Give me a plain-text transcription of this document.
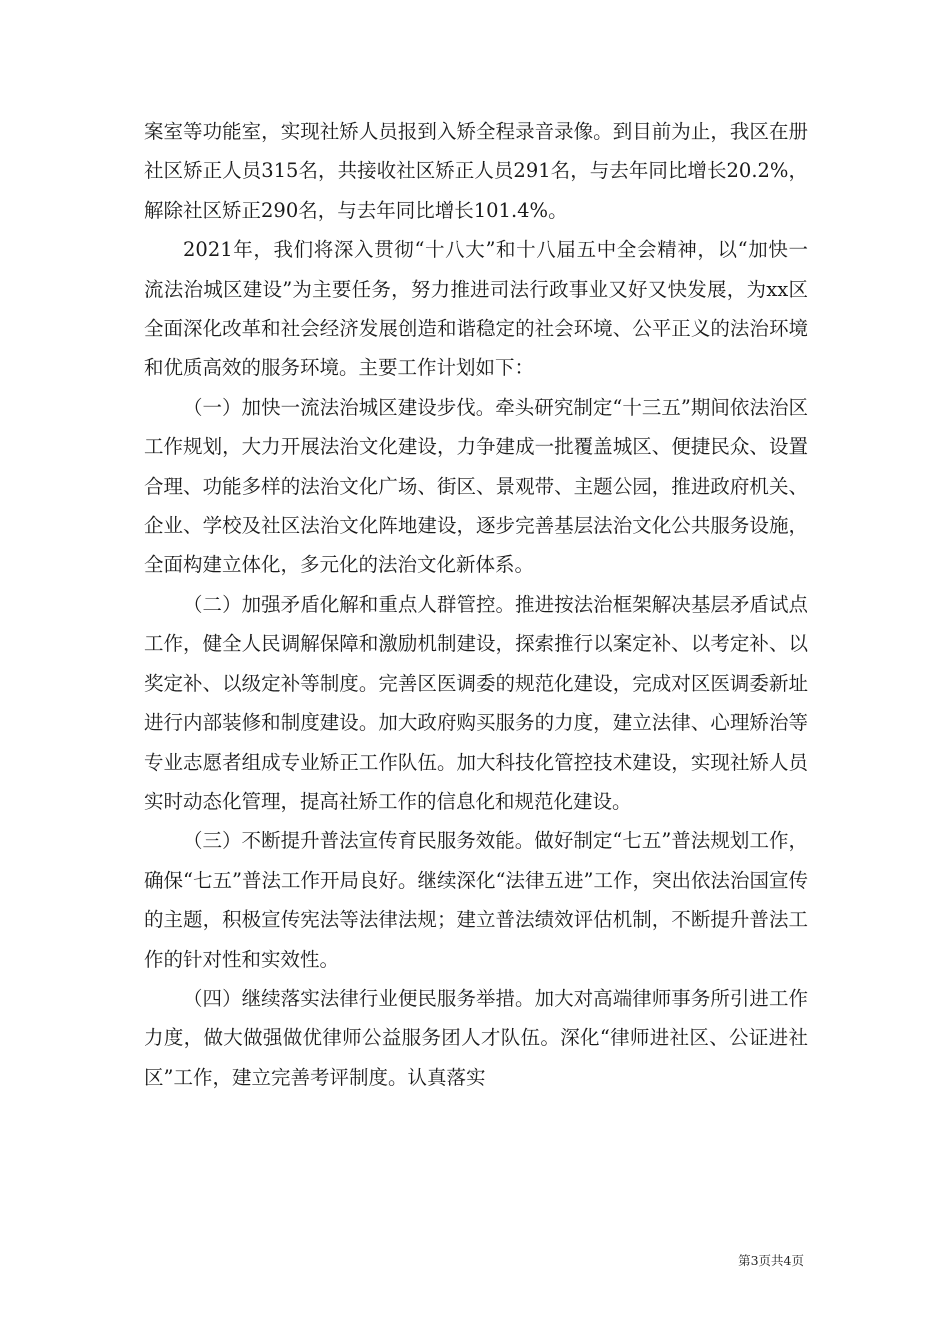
案室等功能室，实现社矫人员报到入矫全程录音录像。到目前为止，我区在册社区矫正人员315名，共接收社区矫正人员291名，与去年同比增长20.2%，解除社区矫正290名，与去年同比增长101.4%。

2021年，我们将深入贯彻“十八大”和十八届五中全会精神，以“加快一流法治城区建设”为主要任务，努力推进司法行政事业又好又快发展，为xx区全面深化改革和社会经济发展创造和谐稳定的社会环境、公平正义的法治环境和优质高效的服务环境。主要工作计划如下：

（一）加快一流法治城区建设步伐。牵头研究制定“十三五”期间依法治区工作规划，大力开展法治文化建设，力争建成一批覆盖城区、便捷民众、设置合理、功能多样的法治文化广场、街区、景观带、主题公园，推进政府机关、企业、学校及社区法治文化阵地建设，逐步完善基层法治文化公共服务设施，全面构建立体化，多元化的法治文化新体系。

（二）加强矛盾化解和重点人群管控。推进按法治框架解决基层矛盾试点工作，健全人民调解保障和激励机制建设，探索推行以案定补、以考定补、以奖定补、以级定补等制度。完善区医调委的规范化建设，完成对区医调委新址进行内部装修和制度建设。加大政府购买服务的力度，建立法律、心理矫治等专业志愿者组成专业矫正工作队伍。加大科技化管控技术建设，实现社矫人员实时动态化管理，提高社矫工作的信息化和规范化建设。

（三）不断提升普法宣传育民服务效能。做好制定“七五”普法规划工作，确保“七五”普法工作开局良好。继续深化“法律五进”工作，突出依法治国宣传的主题，积极宣传宪法等法律法规；建立普法绩效评估机制，不断提升普法工作的针对性和实效性。

（四）继续落实法律行业便民服务举措。加大对高端律师事务所引进工作力度，做大做强做优律师公益服务团人才队伍。深化“律师进社区、公证进社区”工作，建立完善考评制度。认真落实

第3页共4页
